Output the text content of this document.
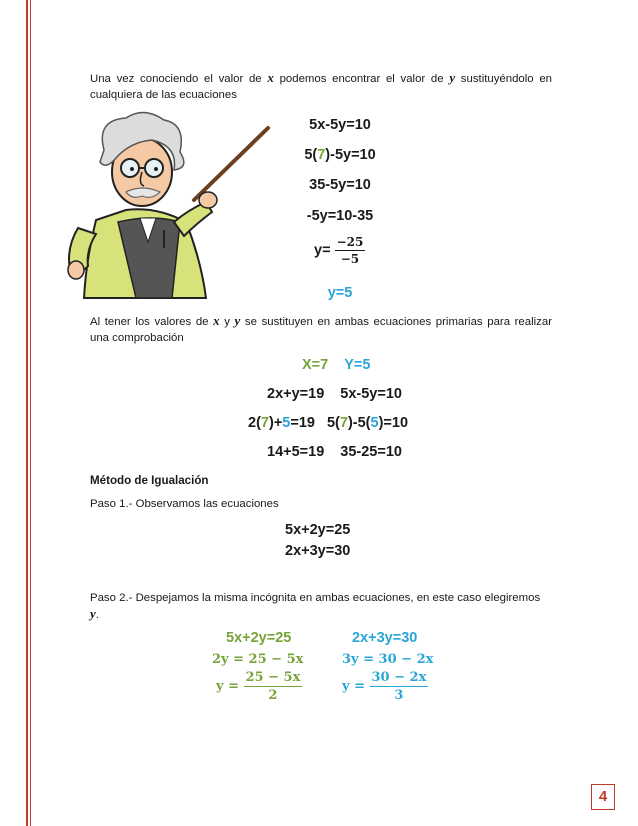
Una vez conociendo el valor de x podemos encontrar el valor de y sustituyéndolo en
cualquiera de las ecuaciones
5x-5y=10
5(7)-5y=10
35-5y=10
-5y=10-35
$y= \frac{-25}{-5}$
y=5
Al tener los valores de x y y se sustituyen en ambas ecuaciones primarias para realizar
una comprobación
X=7 Y=5
2x+y=19 5x-5y=10
2(7)+5=19 5(7)-5(5)=10
14+5=19 35-25=10
Método de Igualación
Paso 1.- Observamos las ecuaciones
5x+2y=25
2x+3y=30
Paso 2.- Despejamos la misma incógnita en ambas ecuaciones, en este caso elegiremos
y.
5x+2y=25
2y = 25 − 5x
$y = \frac{25 - 5x}{2}$
2x+3y=30
3y = 30 − 2x
$y = \frac{30 - 2x}{3}$
4
